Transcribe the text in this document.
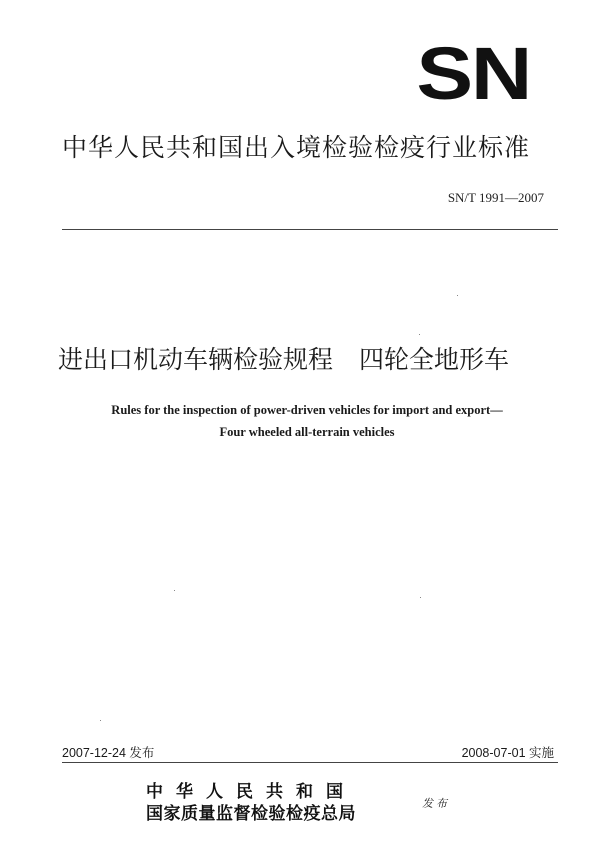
SN
中华人民共和国出入境检验检疫行业标准
SN/T 1991—2007
进出口机动车辆检验规程 四轮全地形车
Rules for the inspection of power-driven vehicles for import and export—
Four wheeled all-terrain vehicles
2007-12-24 发布	2008-07-01 实施
中华人民共和国
国家质量监督检验检疫总局
发布
